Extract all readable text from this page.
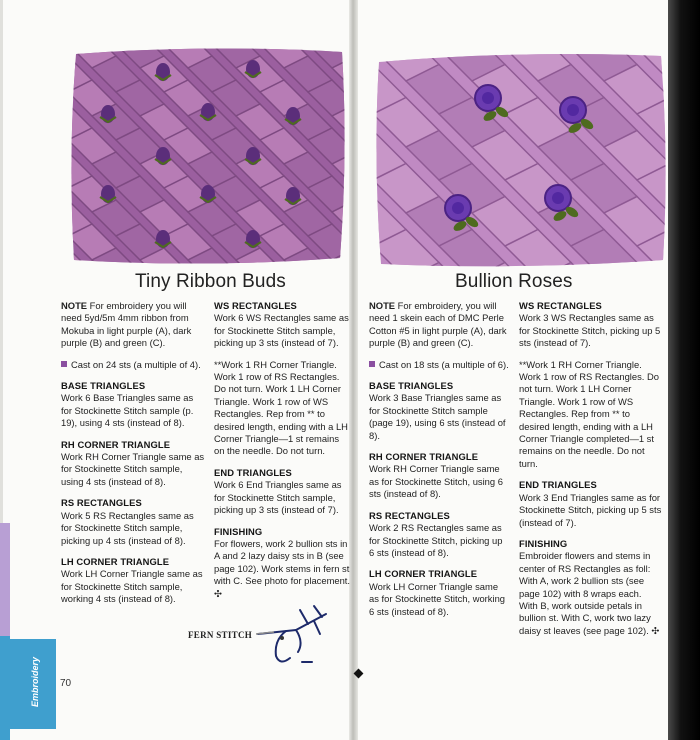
Tiny Ribbon Buds	Bullion Roses

NOTE For embroidery you will need 5yd/5m 4mm ribbon from Mokuba in light purple (A), dark purple (B) and green (C).

Cast on 24 sts (a multiple of 4).

BASE TRIANGLES

Work 6 Base Triangles same as for Stockinette Stitch sample (p. 19), using 4 sts (instead of 8).

RH CORNER TRIANGLE

Work RH Corner Triangle same as for Stockinette Stitch sample, using 4 sts (instead of 8).

RS RECTANGLES

Work 5 RS Rectangles same as for Stockinette Stitch sample, picking up 4 sts (instead of 8).

LH CORNER TRIANGLE

Work LH Corner Triangle same as for Stockinette Stitch sample, working 4 sts (instead of 8).

WS RECTANGLES

Work 6 WS Rectangles same as for Stockinette Stitch sample, picking up 3 sts (instead of 7).

**Work 1 RH Corner Triangle. Work 1 row of RS Rectangles. Do not turn. Work 1 LH Corner Triangle. Work 1 row of WS Rectangles. Rep from ** to desired length, ending with a LH Corner Triangle—1 st remains on the needle. Do not turn.

END TRIANGLES

Work 6 End Triangles same as for Stockinette Stitch sample, picking up 3 sts (instead of 7).

FINISHING

For flowers, work 2 bullion sts in A and 2 lazy daisy sts in B (see page 102). Work stems in fern st with C. See photo for placement. ✣

FERN STITCH

NOTE For embroidery, you will need 1 skein each of DMC Perle Cotton #5 in light purple (A), dark purple (B) and green (C).

Cast on 18 sts (a multiple of 6).

BASE TRIANGLES

Work 3 Base Triangles same as for Stockinette Stitch sample (page 19), using 6 sts (instead of 8).

RH CORNER TRIANGLE

Work RH Corner Triangle same as for Stockinette Stitch, using 6 sts (instead of 8).

RS RECTANGLES

Work 2 RS Rectangles same as for Stockinette Stitch, picking up 6 sts (instead of 8).

LH CORNER TRIANGLE

Work LH Corner Triangle same as for Stockinette Stitch, working 6 sts (instead of 8).

WS RECTANGLES

Work 3 WS Rectangles same as for Stockinette Stitch, picking up 5 sts (instead of 7).

**Work 1 RH Corner Triangle. Work 1 row of RS Rectangles. Do not turn. Work 1 LH Corner Triangle. Work 1 row of WS Rectangles. Rep from ** to desired length, ending with a LH Corner Triangle completed—1 st remains on the needle. Do not turn.

END TRIANGLES

Work 3 End Triangles same as for Stockinette Stitch, picking up 5 sts (instead of 7).

FINISHING

Embroider flowers and stems in center of RS Rectangles as foll: With A, work 2 bullion sts (see page 102) with 8 wraps each. With B, work outside petals in bullion st. With C, work two lazy daisy st leaves (see page 102). ✣

Embroidery 70
